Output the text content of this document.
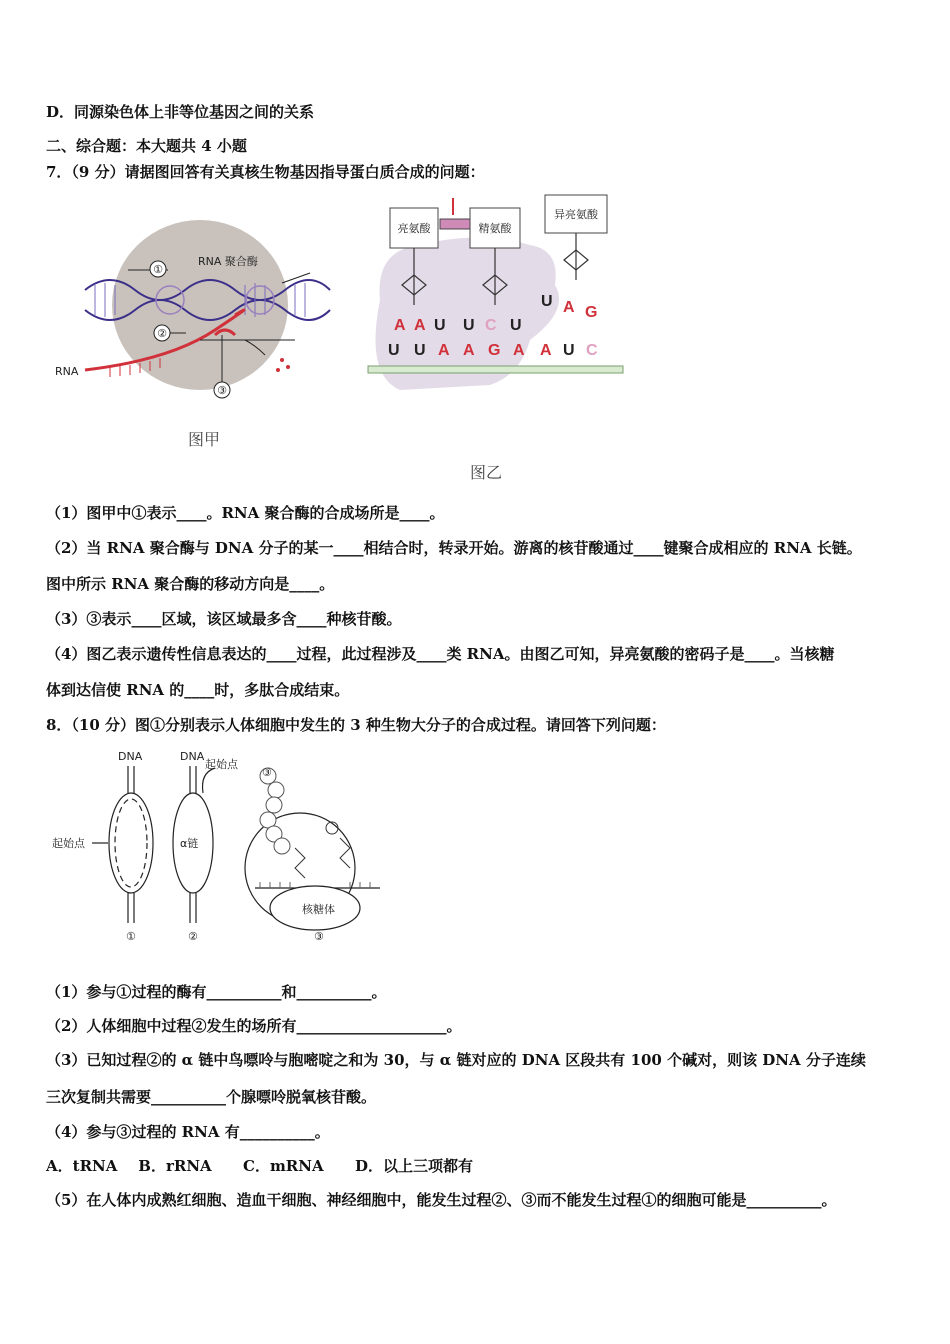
D．同源染色体上非等位基因之间的关系
二、综合题：本大题共 4 小题
7．（9 分）请据图回答有关真核生物基因指导蛋白质合成的问题：
①
②
③
RNA 聚合酶
RNA
图甲
亮氨酸	精氨酸
异亮氨酸
A A U U C U
U A G
U U A A G A A U C
图乙
（1）图甲中①表示____。RNA 聚合酶的合成场所是____。
（2）当 RNA 聚合酶与 DNA 分子的某一____相结合时，转录开始。游离的核苷酸通过____键聚合成相应的 RNA 长链。
图中所示 RNA 聚合酶的移动方向是____。
（3）③表示____区域，该区域最多含____种核苷酸。
（4）图乙表示遗传性信息表达的____过程，此过程涉及____类 RNA。由图乙可知，异亮氨酸的密码子是____。当核糖
体到达信使 RNA 的____时，多肽合成结束。
8．（10 分）图①分别表示人体细胞中发生的 3 种生物大分子的合成过程。请回答下列问题：
DNA	DNA
起始点
起始点	α链
核糖体
①	②	③
③
（1）参与①过程的酶有__________和__________。
（2）人体细胞中过程②发生的场所有____________________。
（3）已知过程②的 α 链中鸟嘌呤与胞嘧啶之和为 30，与 α 链对应的 DNA 区段共有 100 个碱对，则该 DNA 分子连续
三次复制共需要__________个腺嘌呤脱氧核苷酸。
（4）参与③过程的 RNA 有__________。
A．tRNA    B．rRNA      C．mRNA      D．以上三项都有
（5）在人体内成熟红细胞、造血干细胞、神经细胞中，能发生过程②、③而不能发生过程①的细胞可能是__________。
